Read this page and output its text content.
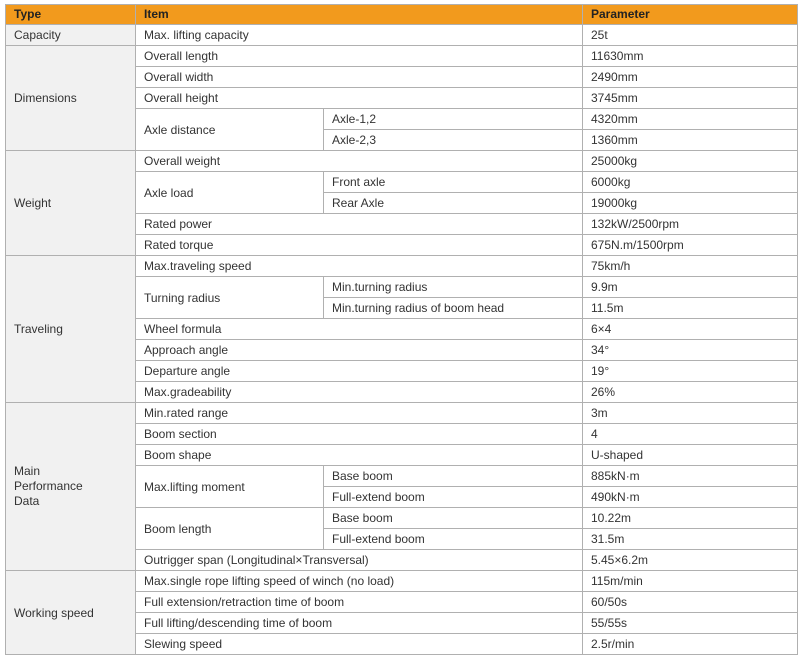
Type	Item		Parameter
Capacity	Max. lifting capacity		25t
Dimensions	Overall length		11630mm
	Overall width		2490mm
	Overall height		3745mm
	Axle distance	Axle-1,2	4320mm
		Axle-2,3	1360mm
Weight	Overall weight		25000kg
	Axle load	Front axle	6000kg
		Rear Axle	19000kg
	Rated power		132kW/2500rpm
	Rated torque		675N.m/1500rpm
Traveling	Max.traveling speed		75km/h
	Turning radius	Min.turning radius	9.9m
		Min.turning radius of boom head	11.5m
	Wheel formula		6×4
	Approach angle		34°
	Departure angle		19°
	Max.gradeability		26%
Main Performance Data	Min.rated range		3m
	Boom section		4
	Boom shape		U-shaped
	Max.lifting moment	Base boom	885kN·m
		Full-extend boom	490kN·m
	Boom length	Base boom	10.22m
		Full-extend boom	31.5m
	Outrigger span (Longitudinal×Transversal)		5.45×6.2m
Working speed	Max.single rope lifting speed of winch (no load)		115m/min
	Full extension/retraction time of boom		60/50s
	Full lifting/descending time of boom		55/55s
	Slewing speed		2.5r/min
